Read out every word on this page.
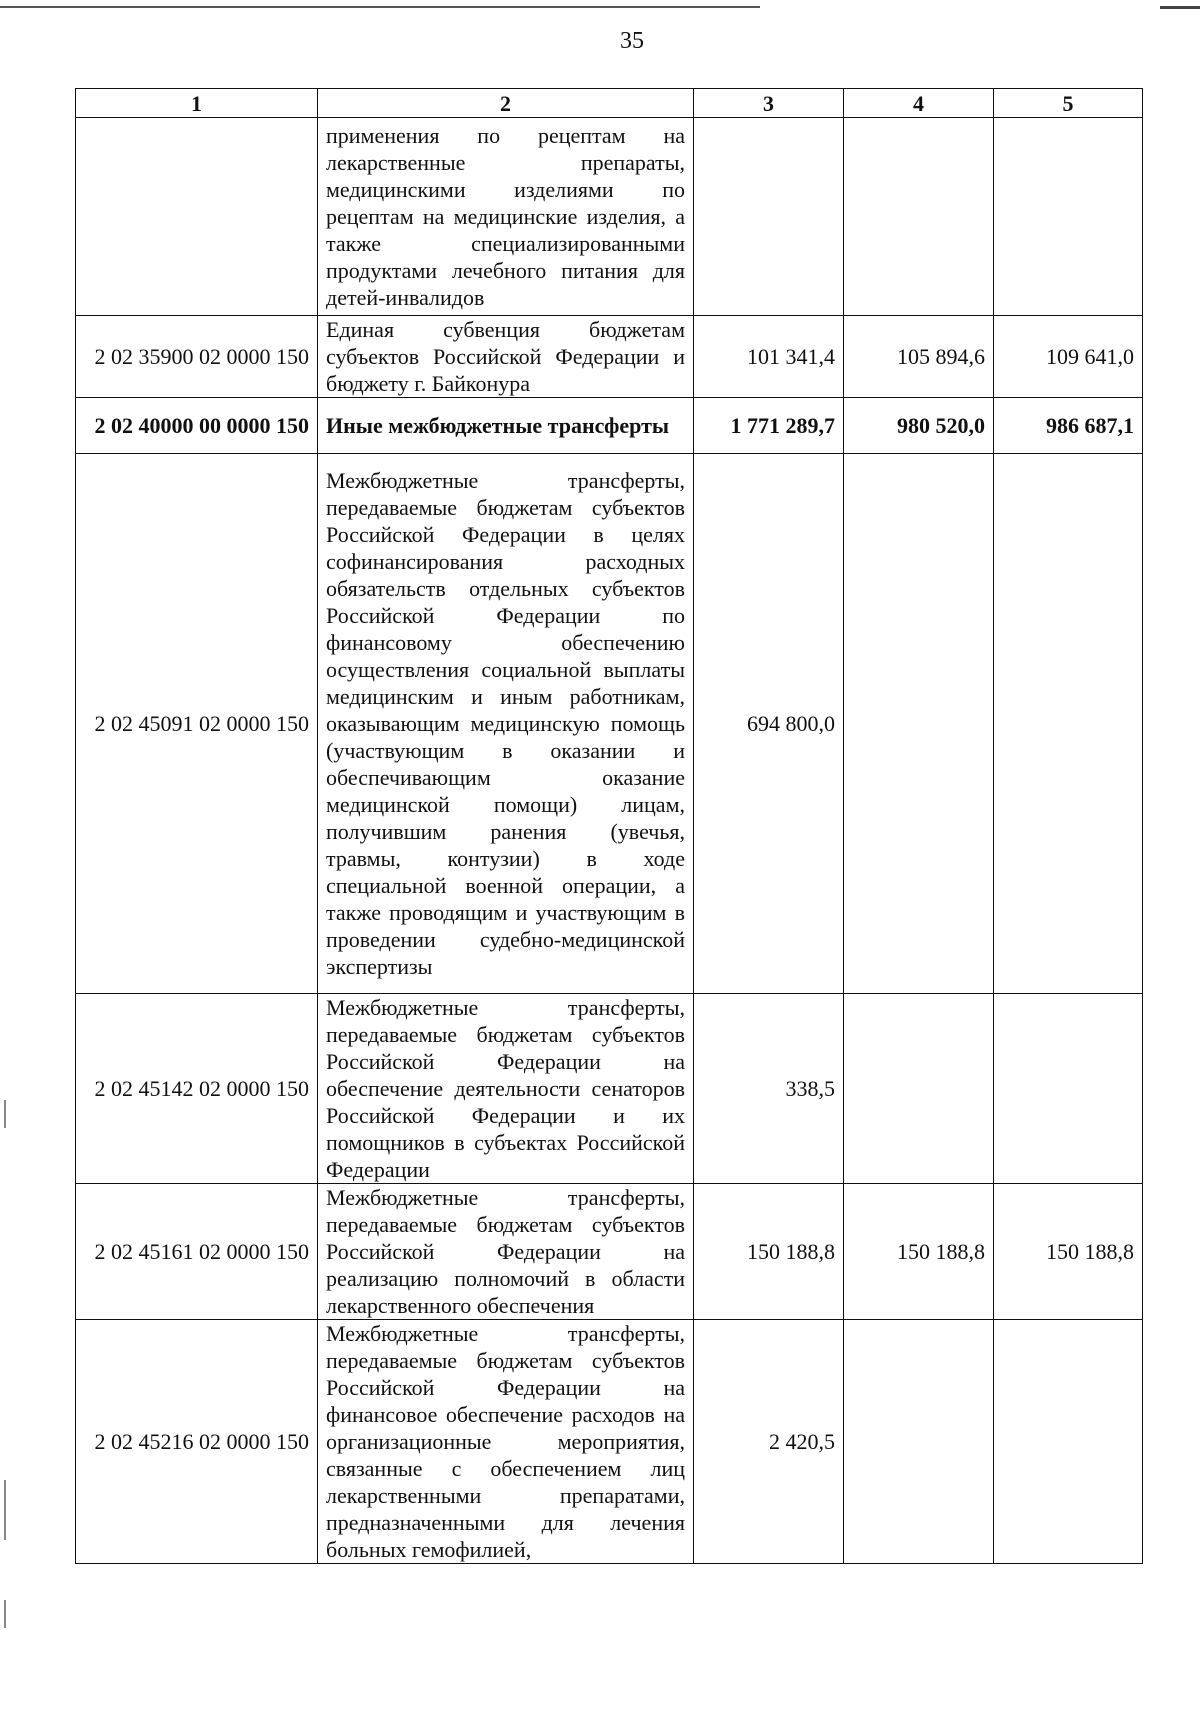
35
1	2	3	4	5
	применения по рецептам на лекарственные препараты, медицинскими изделиями по рецептам на медицинские изделия, а также специализированными продуктами лечебного питания для детей-инвалидов			
2 02 35900 02 0000 150	Единая субвенция бюджетам субъектов Российской Федерации и бюджету г. Байконура	101 341,4	105 894,6	109 641,0
2 02 40000 00 0000 150	Иные межбюджетные трансферты	1 771 289,7	980 520,0	986 687,1
2 02 45091 02 0000 150	Межбюджетные трансферты, передаваемые бюджетам субъектов Российской Федерации в целях софинансирования расходных обязательств отдельных субъектов Российской Федерации по финансовому обеспечению осуществления социальной выплаты медицинским и иным работникам, оказывающим медицинскую помощь (участвующим в оказании и обеспечивающим оказание медицинской помощи) лицам, получившим ранения (увечья, травмы, контузии) в ходе специальной военной операции, а также проводящим и участвующим в проведении судебно-медицинской экспертизы	694 800,0		
2 02 45142 02 0000 150	Межбюджетные трансферты, передаваемые бюджетам субъектов Российской Федерации на обеспечение деятельности сенаторов Российской Федерации и их помощников в субъектах Российской Федерации	338,5		
2 02 45161 02 0000 150	Межбюджетные трансферты, передаваемые бюджетам субъектов Российской Федерации на реализацию полномочий в области лекарственного обеспечения	150 188,8	150 188,8	150 188,8
2 02 45216 02 0000 150	Межбюджетные трансферты, передаваемые бюджетам субъектов Российской Федерации на финансовое обеспечение расходов на организационные мероприятия, связанные с обеспечением лиц лекарственными препаратами, предназначенными для лечения больных гемофилией,	2 420,5		
